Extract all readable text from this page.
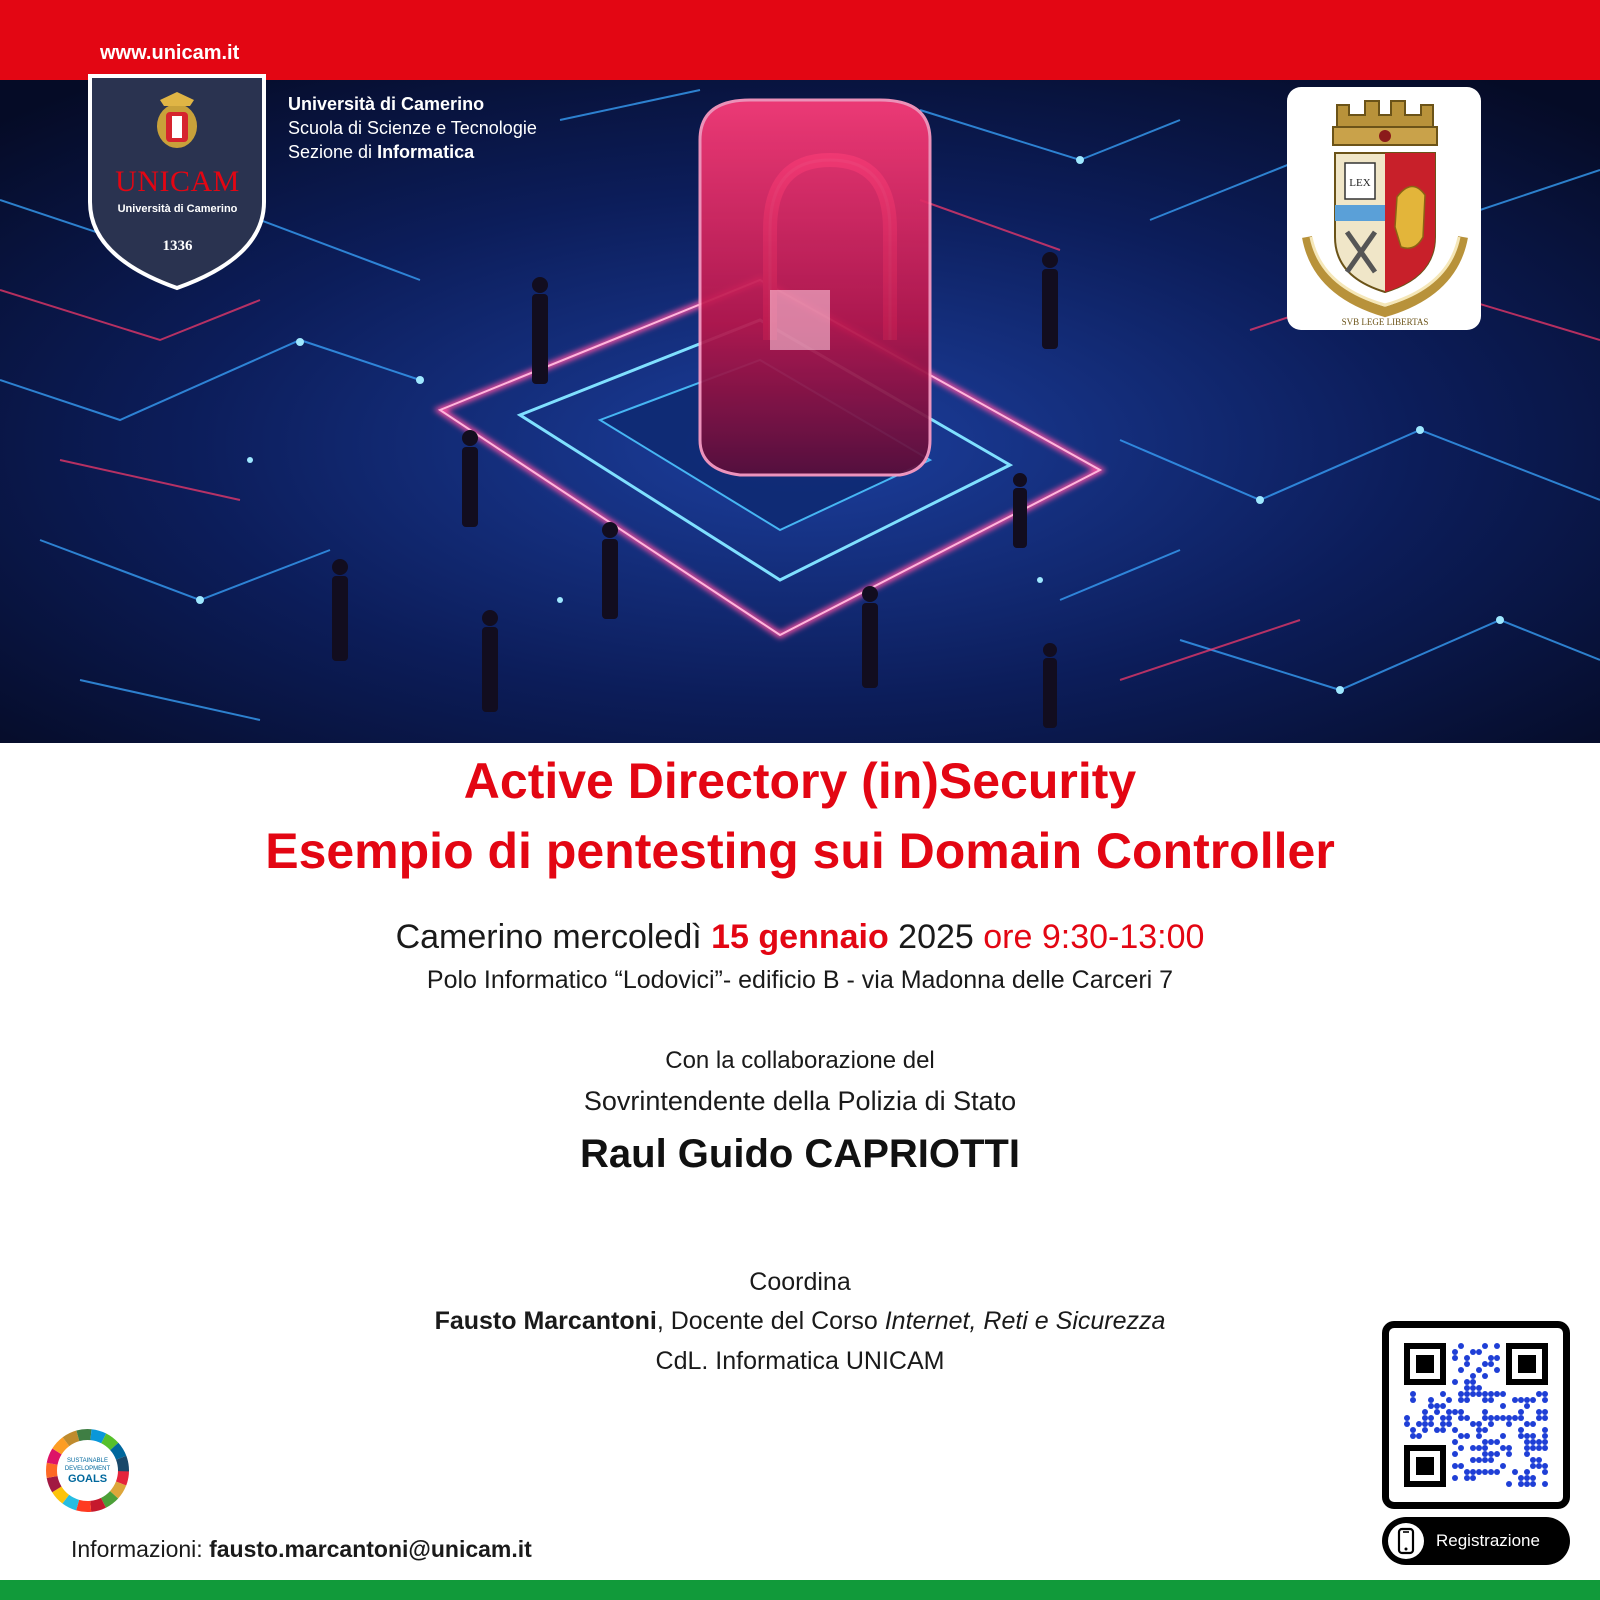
www.unicam.it
UNICAM
Università di Camerino
1336
Università di Camerino
Scuola di Scienze e Tecnologie
Sezione di Informatica
LEX
SVB LEGE LIBERTAS
Active Directory (in)Security
Esempio di pentesting sui Domain Controller
Camerino mercoledì 15 gennaio 2025 ore 9:30-13:00
Polo Informatico “Lodovici”- edificio B - via Madonna delle Carceri 7
Con la collaborazione del
Sovrintendente della Polizia di Stato
Raul Guido CAPRIOTTI
Coordina
Fausto Marcantoni, Docente del Corso Internet, Reti e Sicurezza
CdL. Informatica UNICAM
SUSTAINABLE
DEVELOPMENT
GOALS
Informazioni: fausto.marcantoni@unicam.it	Registrazione
